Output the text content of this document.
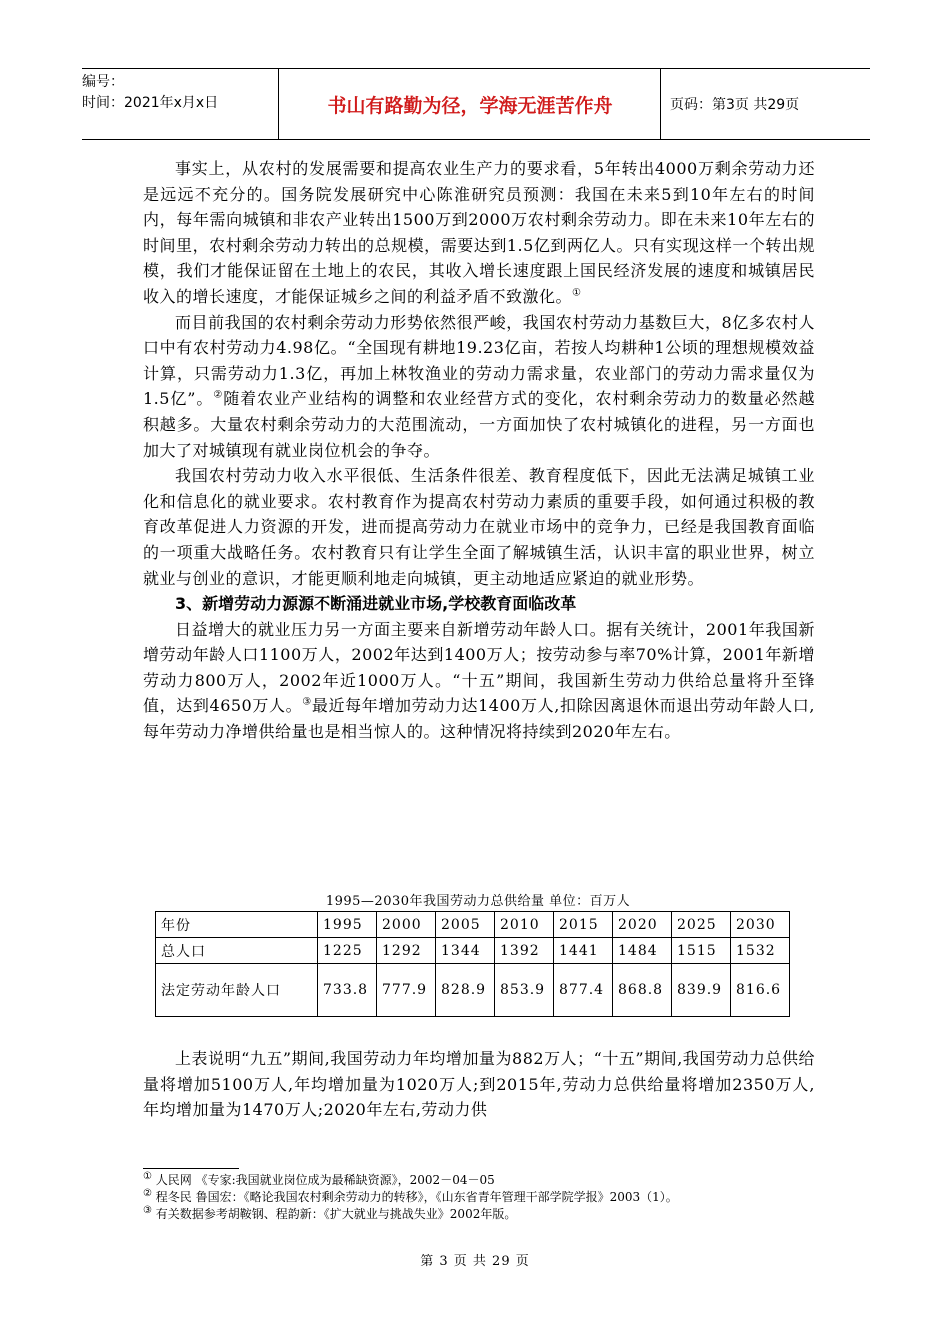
编号：
时间：2021年x月x日	书山有路勤为径，学海无涯苦作舟	页码：第3页 共29页

事实上，从农村的发展需要和提高农业生产力的要求看，5年转出4000万剩余劳动力还是远远不充分的。国务院发展研究中心陈淮研究员预测：我国在未来5到10年左右的时间内，每年需向城镇和非农产业转出1500万到2000万农村剩余劳动力。即在未来10年左右的时间里，农村剩余劳动力转出的总规模，需要达到1.5亿到两亿人。只有实现这样一个转出规模，我们才能保证留在土地上的农民，其收入增长速度跟上国民经济发展的速度和城镇居民收入的增长速度，才能保证城乡之间的利益矛盾不致激化。①

而目前我国的农村剩余劳动力形势依然很严峻，我国农村劳动力基数巨大，8亿多农村人口中有农村劳动力4.98亿。“全国现有耕地19.23亿亩，若按人均耕种1公顷的理想规模效益计算，只需劳动力1.3亿，再加上林牧渔业的劳动力需求量，农业部门的劳动力需求量仅为1.5亿”。②随着农业产业结构的调整和农业经营方式的变化，农村剩余劳动力的数量必然越积越多。大量农村剩余劳动力的大范围流动，一方面加快了农村城镇化的进程，另一方面也加大了对城镇现有就业岗位机会的争夺。

我国农村劳动力收入水平很低、生活条件很差、教育程度低下，因此无法满足城镇工业化和信息化的就业要求。农村教育作为提高农村劳动力素质的重要手段，如何通过积极的教育改革促进人力资源的开发，进而提高劳动力在就业市场中的竞争力，已经是我国教育面临的一项重大战略任务。农村教育只有让学生全面了解城镇生活，认识丰富的职业世界，树立就业与创业的意识，才能更顺利地走向城镇，更主动地适应紧迫的就业形势。

3、新增劳动力源源不断涌进就业市场,学校教育面临改革

日益增大的就业压力另一方面主要来自新增劳动年龄人口。据有关统计，2001年我国新增劳动年龄人口1100万人，2002年达到1400万人；按劳动参与率70%计算，2001年新增劳动力800万人，2002年近1000万人。“十五”期间，我国新生劳动力供给总量将升至锋值，达到4650万人。③最近每年增加劳动力达1400万人,扣除因离退休而退出劳动年龄人口,每年劳动力净增供给量也是相当惊人的。这种情况将持续到2020年左右。

1995—2030年我国劳动力总供给量 单位：百万人
年份	1995	2000	2005	2010	2015	2020	2025	2030
总人口	1225	1292	1344	1392	1441	1484	1515	1532
法定劳动年龄人口	733.8	777.9	828.9	853.9	877.4	868.8	839.9	816.6

上表说明“九五”期间,我国劳动力年均增加量为882万人；“十五”期间,我国劳动力总供给量将增加5100万人,年均增加量为1020万人;到2015年,劳动力总供给量将增加2350万人,年均增加量为1470万人;2020年左右,劳动力供

① 人民网 《专家:我国就业岗位成为最稀缺资源》，2002－04－05
② 程冬民 鲁国宏：《略论我国农村剩余劳动力的转移》，《山东省青年管理干部学院学报》2003（1）。
③ 有关数据参考胡鞍钢、程韵新：《扩大就业与挑战失业》2002年版。
第 3 页 共 29 页
